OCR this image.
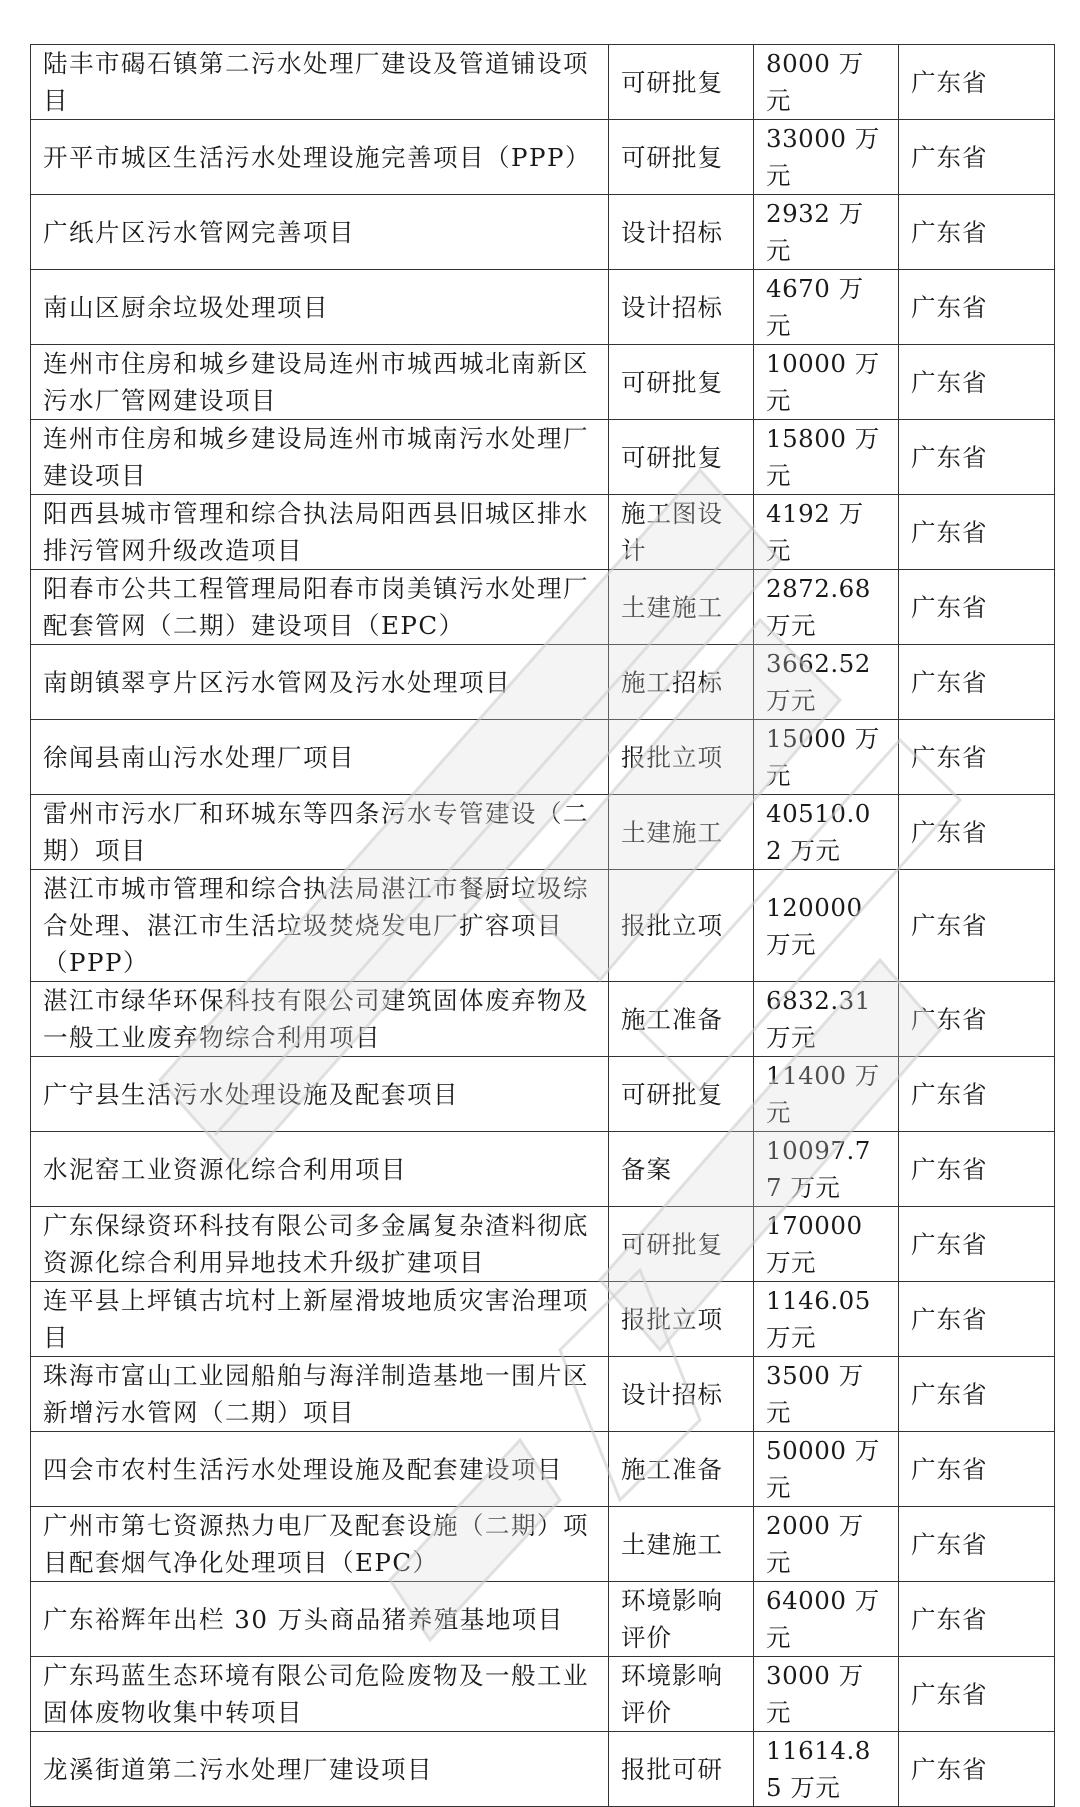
陆丰市碣石镇第二污水处理厂建设及管道铺设项目	可研批复	8000 万元	广东省
开平市城区生活污水处理设施完善项目（PPP）	可研批复	33000 万元	广东省
广纸片区污水管网完善项目	设计招标	2932 万元	广东省
南山区厨余垃圾处理项目	设计招标	4670 万元	广东省
连州市住房和城乡建设局连州市城西城北南新区污水厂管网建设项目	可研批复	10000 万元	广东省
连州市住房和城乡建设局连州市城南污水处理厂建设项目	可研批复	15800 万元	广东省
阳西县城市管理和综合执法局阳西县旧城区排水排污管网升级改造项目	施工图设计	4192 万元	广东省
阳春市公共工程管理局阳春市岗美镇污水处理厂配套管网（二期）建设项目（EPC）	土建施工	2872.68 万元	广东省
南朗镇翠亨片区污水管网及污水处理项目	施工招标	3662.52 万元	广东省
徐闻县南山污水处理厂项目	报批立项	15000 万元	广东省
雷州市污水厂和环城东等四条污水专管建设（二期）项目	土建施工	40510.02 万元	广东省
湛江市城市管理和综合执法局湛江市餐厨垃圾综合处理、湛江市生活垃圾焚烧发电厂扩容项目（PPP）	报批立项	120000 万元	广东省
湛江市绿华环保科技有限公司建筑固体废弃物及一般工业废弃物综合利用项目	施工准备	6832.31 万元	广东省
广宁县生活污水处理设施及配套项目	可研批复	11400 万元	广东省
水泥窑工业资源化综合利用项目	备案	10097.77 万元	广东省
广东保绿资环科技有限公司多金属复杂渣料彻底资源化综合利用异地技术升级扩建项目	可研批复	170000 万元	广东省
连平县上坪镇古坑村上新屋滑坡地质灾害治理项目	报批立项	1146.05 万元	广东省
珠海市富山工业园船舶与海洋制造基地一围片区新增污水管网（二期）项目	设计招标	3500 万元	广东省
四会市农村生活污水处理设施及配套建设项目	施工准备	50000 万元	广东省
广州市第七资源热力电厂及配套设施（二期）项目配套烟气净化处理项目（EPC）	土建施工	2000 万元	广东省
广东裕辉年出栏 30 万头商品猪养殖基地项目	环境影响评价	64000 万元	广东省
广东玛蓝生态环境有限公司危险废物及一般工业固体废物收集中转项目	环境影响评价	3000 万元	广东省
龙溪街道第二污水处理厂建设项目	报批可研	11614.85 万元	广东省
